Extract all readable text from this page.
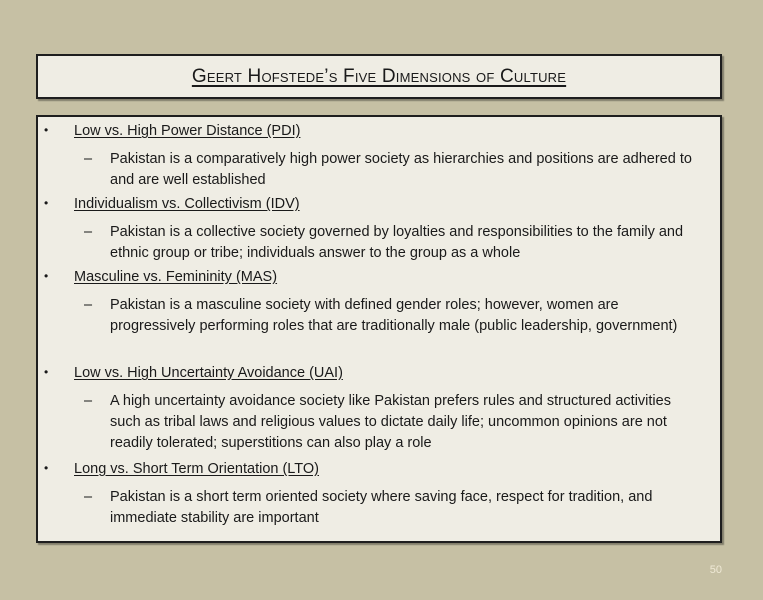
Geert Hofstede’s Five Dimensions of Culture
• Low vs. High Power Distance (PDI)
– Pakistan is a comparatively high power society as hierarchies and positions are adhered to and are well established
• Individualism vs. Collectivism (IDV)
– Pakistan is a collective society governed by loyalties and responsibilities to the family and ethnic group or tribe; individuals answer to the group as a whole
• Masculine vs. Femininity (MAS)
– Pakistan is a masculine society with defined gender roles; however, women are progressively performing roles that are traditionally male (public leadership, government)
• Low vs. High Uncertainty Avoidance (UAI)
– A high uncertainty avoidance society like Pakistan prefers rules and structured activities such as tribal laws and religious values to dictate daily life; uncommon opinions are not readily tolerated; superstitions can also play a role
• Long vs. Short Term Orientation (LTO)
– Pakistan is a short term oriented society where saving face, respect for tradition, and immediate stability are important
50
